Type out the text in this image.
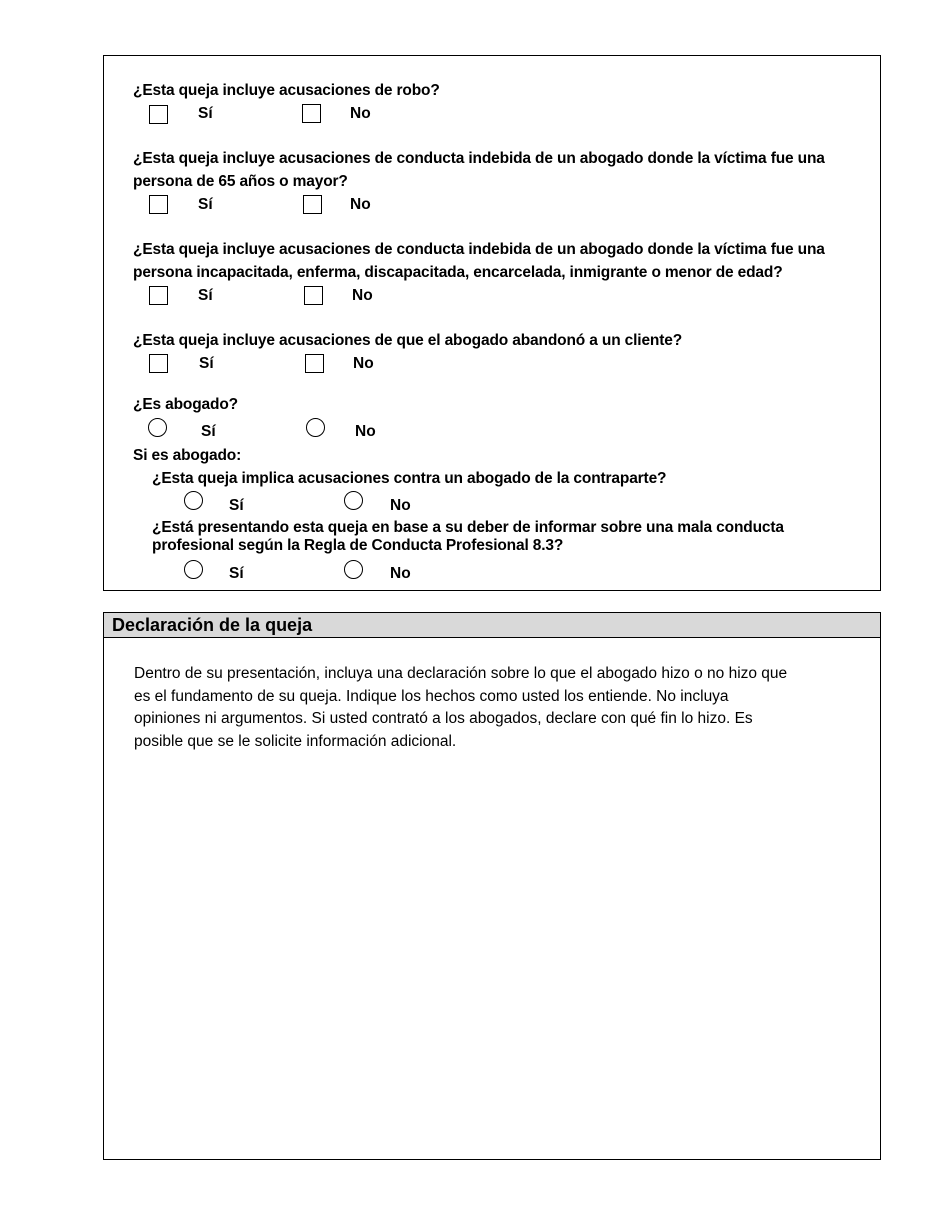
¿Esta queja incluye acusaciones de robo?
Sí	No
¿Esta queja incluye acusaciones de conducta indebida de un abogado donde la víctima fue una
persona de 65 años o mayor?
Sí	No
¿Esta queja incluye acusaciones de conducta indebida de un abogado donde la víctima fue una
persona incapacitada, enferma, discapacitada, encarcelada, inmigrante o menor de edad?
Sí	No
¿Esta queja incluye acusaciones de que el abogado abandonó a un cliente?
Sí	No
¿Es abogado?
Sí	No
Si es abogado:
¿Esta queja implica acusaciones contra un abogado de la contraparte?
Sí	No
¿Está presentando esta queja en base a su deber de informar sobre una mala conducta
profesional según la Regla de Conducta Profesional 8.3?
Sí	No
Declaración de la queja
Dentro de su presentación, incluya una declaración sobre lo que el abogado hizo o no hizo que
es el fundamento de su queja. Indique los hechos como usted los entiende. No incluya
opiniones ni argumentos. Si usted contrató a los abogados, declare con qué fin lo hizo. Es
posible que se le solicite información adicional.
